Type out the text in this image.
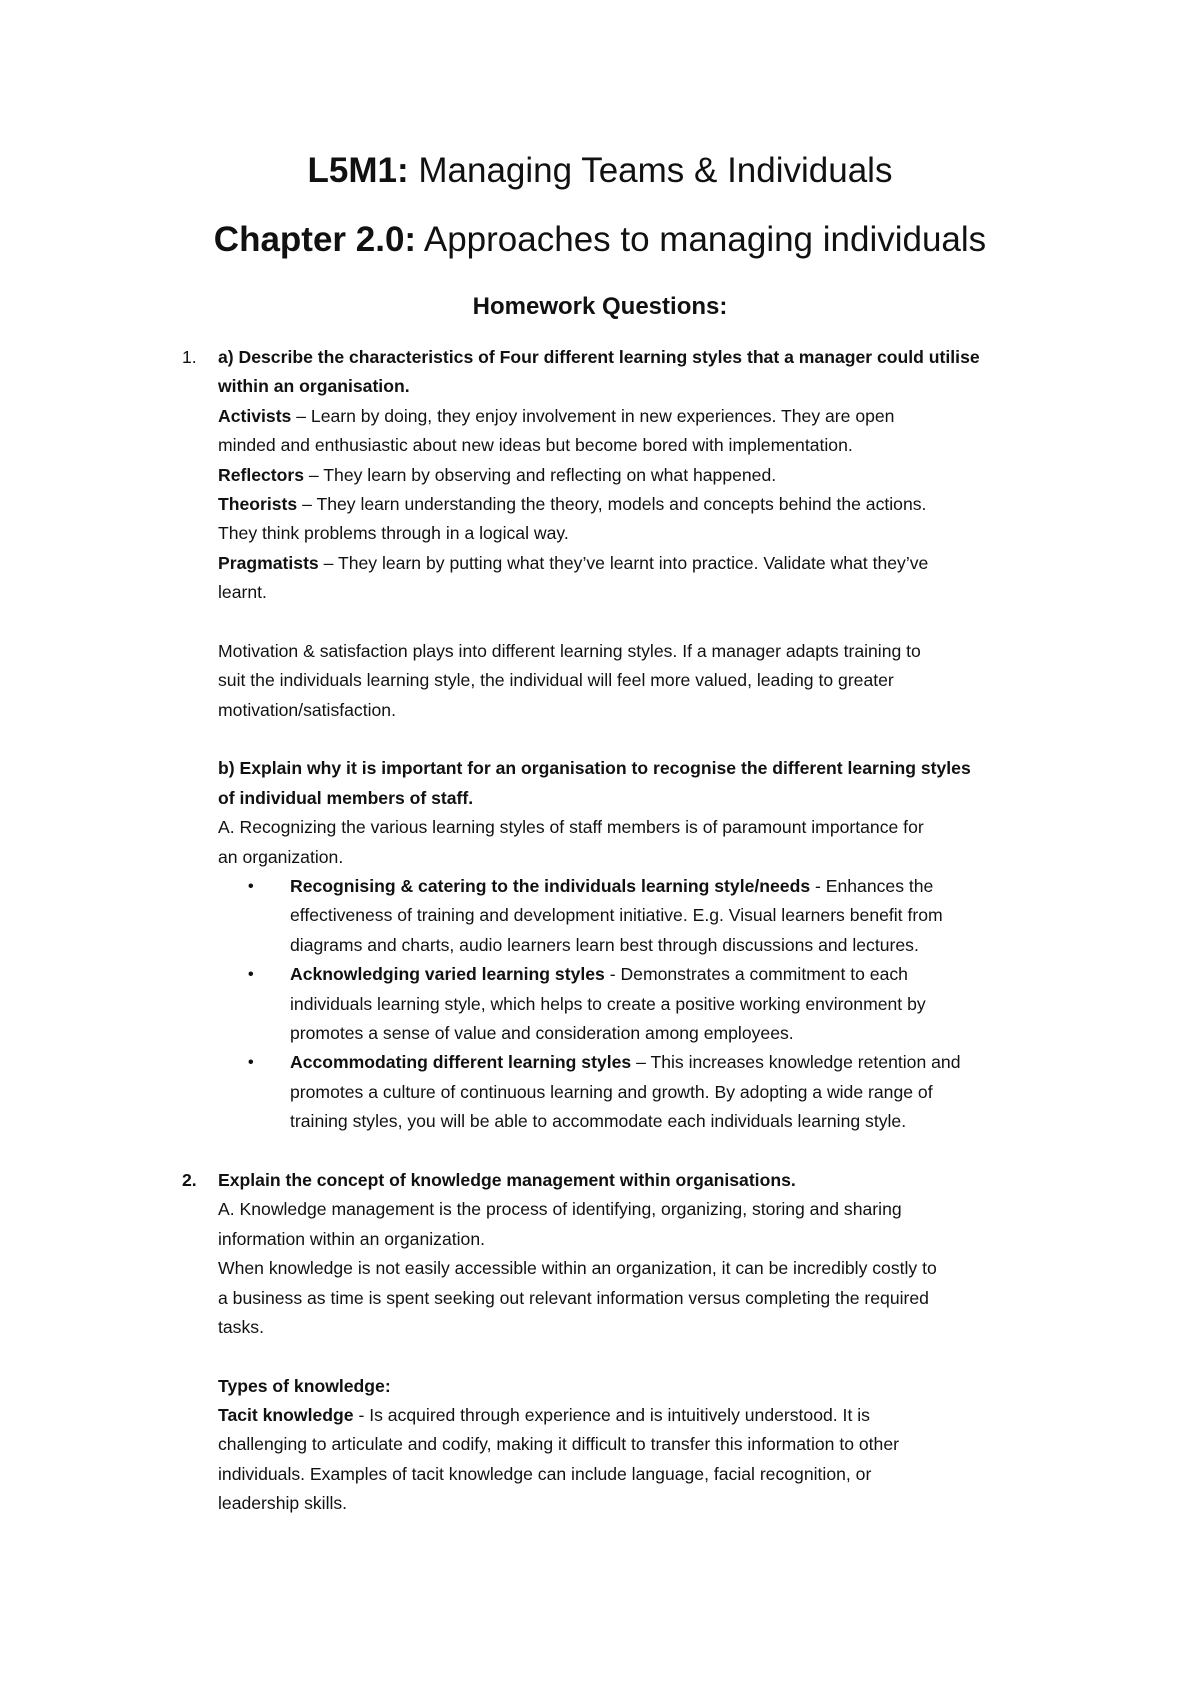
L5M1: Managing Teams & Individuals
Chapter 2.0: Approaches to managing individuals
Homework Questions:
1. a) Describe the characteristics of Four different learning styles that a manager could utilise
within an organisation.
Activists – Learn by doing, they enjoy involvement in new experiences. They are open
minded and enthusiastic about new ideas but become bored with implementation.
Reflectors – They learn by observing and reflecting on what happened.
Theorists – They learn understanding the theory, models and concepts behind the actions.
They think problems through in a logical way.
Pragmatists – They learn by putting what they’ve learnt into practice. Validate what they’ve
learnt.
Motivation & satisfaction plays into different learning styles. If a manager adapts training to
suit the individuals learning style, the individual will feel more valued, leading to greater
motivation/satisfaction.
b) Explain why it is important for an organisation to recognise the different learning styles
of individual members of staff.
A. Recognizing the various learning styles of staff members is of paramount importance for
an organization.
• Recognising & catering to the individuals learning style/needs - Enhances the
effectiveness of training and development initiative. E.g. Visual learners benefit from
diagrams and charts, audio learners learn best through discussions and lectures.
• Acknowledging varied learning styles - Demonstrates a commitment to each
individuals learning style, which helps to create a positive working environment by
promotes a sense of value and consideration among employees.
• Accommodating different learning styles – This increases knowledge retention and
promotes a culture of continuous learning and growth. By adopting a wide range of
training styles, you will be able to accommodate each individuals learning style.
2. Explain the concept of knowledge management within organisations.
A. Knowledge management is the process of identifying, organizing, storing and sharing
information within an organization.
When knowledge is not easily accessible within an organization, it can be incredibly costly to
a business as time is spent seeking out relevant information versus completing the required
tasks.
Types of knowledge:
Tacit knowledge - Is acquired through experience and is intuitively understood. It is
challenging to articulate and codify, making it difficult to transfer this information to other
individuals. Examples of tacit knowledge can include language, facial recognition, or
leadership skills.
